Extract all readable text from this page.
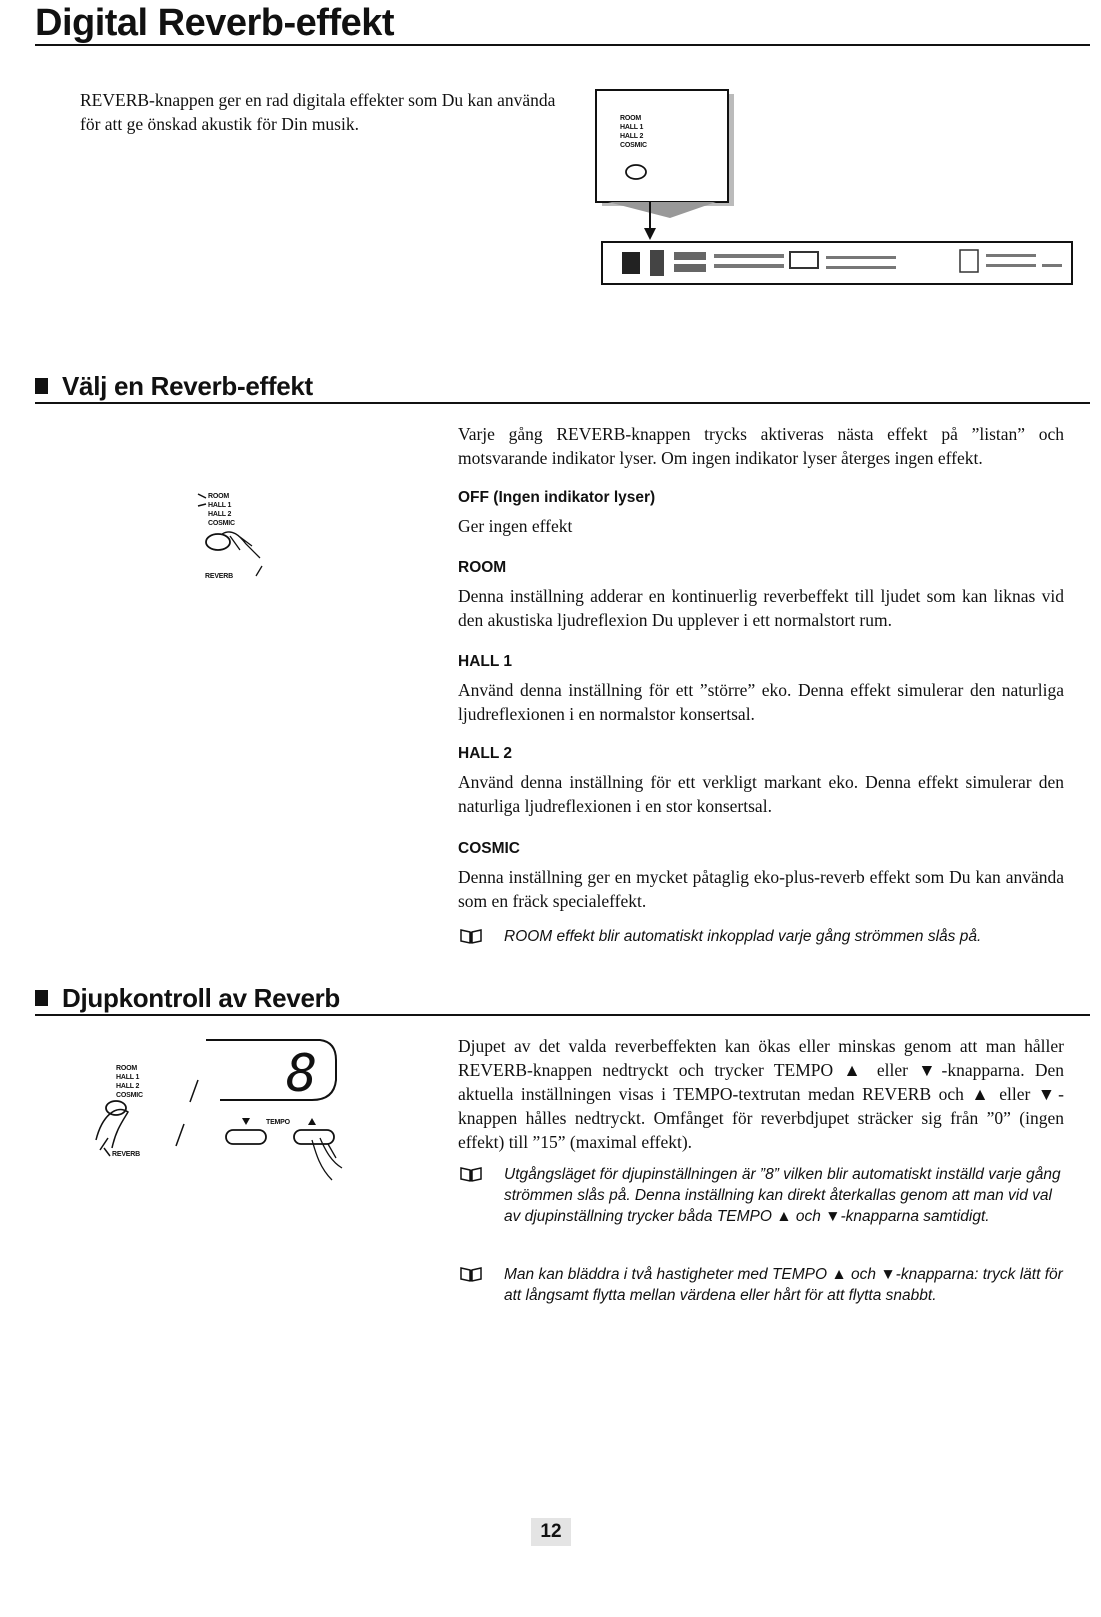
Digital Reverb-effekt

REVERB-knappen ger en rad digitala effekter som Du kan använda för att ge önskad akustik för Din musik.	ROOM
HALL 1
HALL 2
COSMIC
Välj en Reverb-effekt
ROOM
HALL 1
HALL 2
COSMIC
REVERB

Varje gång REVERB-knappen trycks aktiveras nästa effekt på ”listan” och motsvarande indikator lyser. Om ingen indikator lyser återges ingen effekt.

OFF (Ingen indikator lyser)

Ger ingen effekt

ROOM

Denna inställning adderar en kontinuerlig reverbeffekt till ljudet som kan liknas vid den akustiska ljudreflexion Du upplever i ett normalstort rum.

HALL 1

Använd denna inställning för ett ”större” eko. Denna effekt simulerar den naturliga ljudreflexionen i en normalstor konsertsal.

HALL 2

Använd denna inställning för ett verkligt markant eko. Denna effekt simulerar den naturliga ljudreflexionen i en stor konsertsal.

COSMIC

Denna inställning ger en mycket påtaglig eko-plus-reverb effekt som Du kan använda som en fräck specialeffekt.

ROOM effekt blir automatiskt inkopplad varje gång strömmen slås på.

Djupkontroll av Reverb
ROOM
HALL 1
HALL 2
COSMIC	8
TEMPO
REVERB

Djupet av det valda reverbeffekten kan ökas eller minskas genom att man håller REVERB-knappen nedtryckt och trycker TEMPO ▲ eller ▼-knapparna. Den aktuella inställningen visas i TEMPO-textrutan medan REVERB och ▲ eller ▼-knappen hålles nedtryckt. Omfånget för reverbdjupet sträcker sig från ”0” (ingen effekt) till ”15” (maximal effekt).

Utgångsläget för djupinställningen är ”8” vilken blir automatiskt inställd varje gång strömmen slås på. Denna inställning kan direkt återkallas genom att man vid val av djupinställning trycker båda TEMPO ▲ och ▼-knapparna samtidigt.

Man kan bläddra i två hastigheter med TEMPO ▲ och ▼-knapparna: tryck lätt för att långsamt flytta mellan värdena eller hårt för att flytta snabbt.

12
